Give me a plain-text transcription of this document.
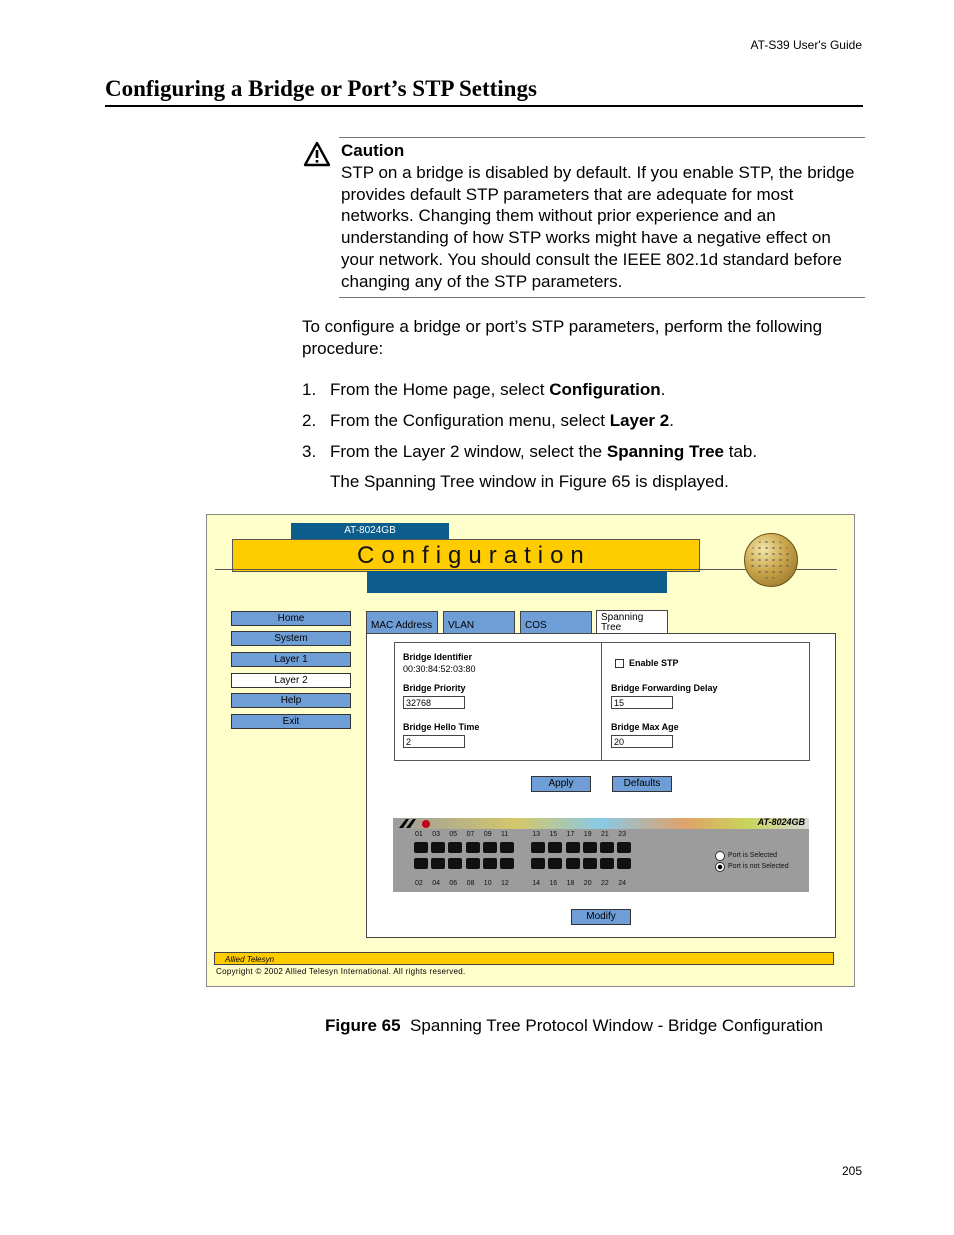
AT-S39 User's Guide
Configuring a Bridge or Port’s STP Settings
Caution
STP on a bridge is disabled by default. If you enable STP, the bridge provides default STP parameters that are adequate for most networks. Changing them without prior experience and an understanding of how STP works might have a negative effect on your network. You should consult the IEEE 802.1d standard before changing any of the STP parameters.
To configure a bridge or port’s STP parameters, perform the following procedure:
1. From the Home page, select Configuration.
2. From the Configuration menu, select Layer 2.
3. From the Layer 2 window, select the Spanning Tree tab.
The Spanning Tree window in Figure 65 is displayed.
AT-8024GB
Configuration
Home
System
Layer 1
Layer 2
Help
Exit
MAC Address	VLAN	COS
Spanning Tree
Bridge Identifier
00:30:84:52:03:80
Bridge Priority
32768
Bridge Hello Time
2
Enable STP
Bridge Forwarding Delay
15
Bridge Max Age
20
Apply	Defaults
AT-8024GB
01 03 05 07 09 11	13 15 17 19 21 23
02 04 06 08 10 12	14 16 18 20 22 24
Port is Selected
Port is not Selected
Modify
Allied Telesyn
Copyright © 2002 Allied Telesyn International. All rights reserved.
Figure 65 Spanning Tree Protocol Window - Bridge Configuration
205
